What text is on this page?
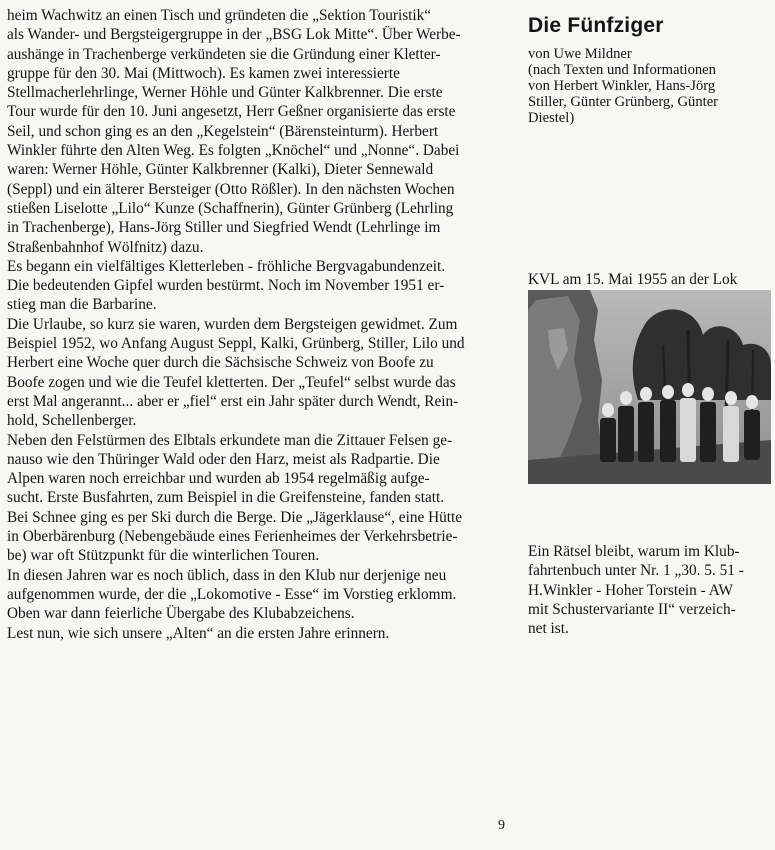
heim Wachwitz an einen Tisch und gründeten die „Sektion Touristik“

als Wander- und Bergsteigergruppe in der „BSG Lok Mitte“. Über Werbe-

aushänge in Trachenberge verkündeten sie die Gründung einer Kletter-

gruppe für den 30. Mai (Mittwoch). Es kamen zwei interessierte

Stellmacherlehrlinge, Werner Höhle und Günter Kalkbrenner. Die erste

Tour wurde für den 10. Juni angesetzt, Herr Geßner organisierte das erste

Seil, und schon ging es an den „Kegelstein“ (Bärensteinturm). Herbert

Winkler führte den Alten Weg. Es folgten „Knöchel“ und „Nonne“. Dabei

waren: Werner Höhle, Günter Kalkbrenner (Kalki), Dieter Sennewald

(Seppl) und ein älterer Bersteiger (Otto Rößler). In den nächsten Wochen

stießen Liselotte „Lilo“ Kunze (Schaffnerin), Günter Grünberg (Lehrling

in Trachenberge), Hans-Jörg Stiller und Siegfried Wendt (Lehrlinge im

Straßenbahnhof Wölfnitz) dazu.

Es begann ein vielfältiges Kletterleben - fröhliche Bergvagabundenzeit.

Die bedeutenden Gipfel wurden bestürmt. Noch im November 1951 er-

stieg man die Barbarine.

Die Urlaube, so kurz sie waren, wurden dem Bergsteigen gewidmet. Zum

Beispiel 1952, wo Anfang August Seppl, Kalki, Grünberg, Stiller, Lilo und

Herbert eine Woche quer durch die Sächsische Schweiz von Boofe zu

Boofe zogen und wie die Teufel kletterten. Der „Teufel“ selbst wurde das

erst Mal angerannt... aber er „fiel“ erst ein Jahr später durch Wendt, Rein-

hold, Schellenberger.

Neben den Felstürmen des Elbtals erkundete man die Zittauer Felsen ge-

nauso wie den Thüringer Wald oder den Harz, meist als Radpartie. Die

Alpen waren noch erreichbar und wurden ab 1954 regelmäßig aufge-

sucht. Erste Busfahrten, zum Beispiel in die Greifensteine, fanden statt.

Bei Schnee ging es per Ski durch die Berge. Die „Jägerklause“, eine Hütte

in Oberbärenburg (Nebengebäude eines Ferienheimes der Verkehrsbetrie-

be) war oft Stützpunkt für die winterlichen Touren.

In diesen Jahren war es noch üblich, dass in den Klub nur derjenige neu

aufgenommen wurde, der die „Lokomotive - Esse“ im Vorstieg erklomm.

Oben war dann feierliche Übergabe des Klubabzeichens.

Lest nun, wie sich unsere „Alten“ an die ersten Jahre erinnern.

Die Fünfziger
von Uwe Mildner
(nach Texten und Informationen
von Herbert Winkler, Hans-Jörg
Stiller, Günter Grünberg, Günter
Diestel)

KVL am 15. Mai 1955 an der Lok

Ein Rätsel bleibt, warum im Klub-
fahrtenbuch unter Nr. 1 „30. 5. 51 -
H.Winkler - Hoher Torstein - AW
mit Schustervariante II“ verzeich-
net ist.

9
